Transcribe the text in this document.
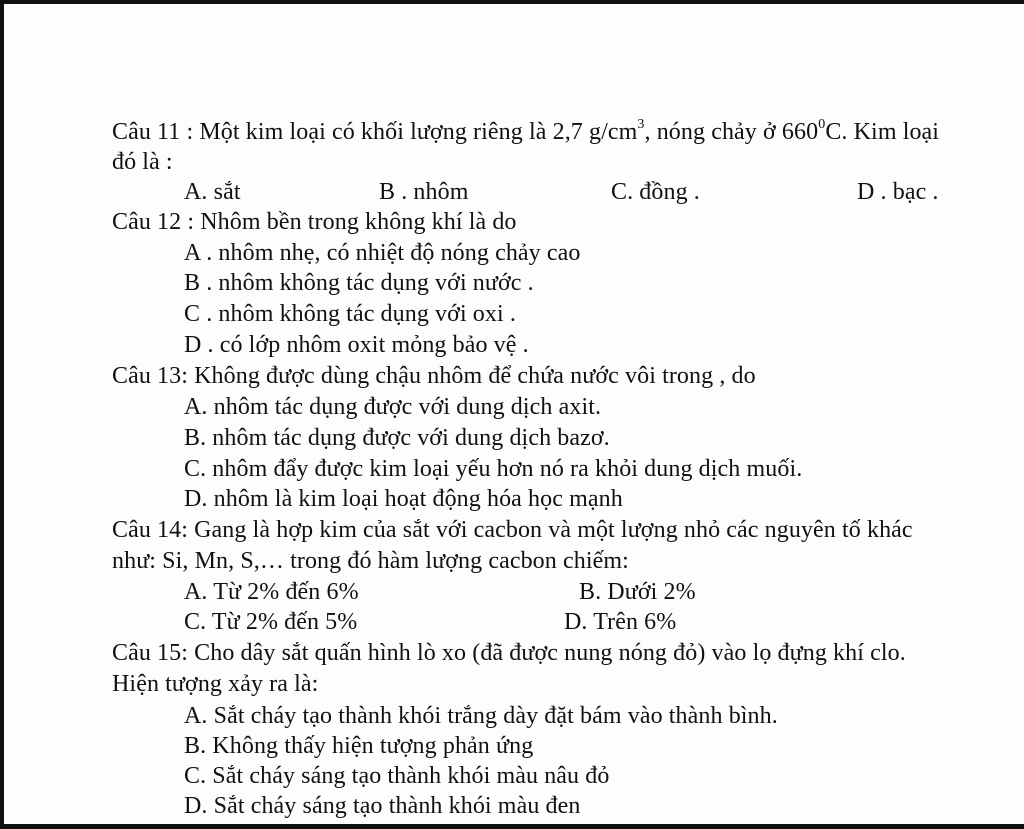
Câu 11 : Một kim loại có khối lượng riêng là 2,7 $g/cm^3$, nóng chảy ở $660^0C$. Kim loại
đó là :
A. sắt	B . nhôm	C. đồng .	D . bạc .
Câu 12 : Nhôm bền trong không khí là do
A . nhôm nhẹ, có nhiệt độ nóng chảy cao
B . nhôm không tác dụng với nước .
C . nhôm không tác dụng với oxi .
D . có lớp nhôm oxit mỏng bảo vệ .
Câu 13: Không được dùng chậu nhôm để chứa nước vôi trong , do
A. nhôm tác dụng được với dung dịch axit.
B. nhôm tác dụng được với dung dịch bazơ.
C. nhôm đẩy được kim loại yếu hơn nó ra khỏi dung dịch muối.
D. nhôm là kim loại hoạt động hóa học mạnh
Câu 14: Gang là hợp kim của sắt với cacbon và một lượng nhỏ các nguyên tố khác
như: Si, Mn, S,… trong đó hàm lượng cacbon chiếm:
A. Từ 2% đến 6%	B. Dưới 2%
C. Từ 2% đến 5%	D. Trên 6%
Câu 15: Cho dây sắt quấn hình lò xo (đã được nung nóng đỏ) vào lọ đựng khí clo.
Hiện tượng xảy ra là:
A. Sắt cháy tạo thành khói trắng dày đặt bám vào thành bình.
B. Không thấy hiện tượng phản ứng
C. Sắt cháy sáng tạo thành khói màu nâu đỏ
D. Sắt cháy sáng tạo thành khói màu đen
